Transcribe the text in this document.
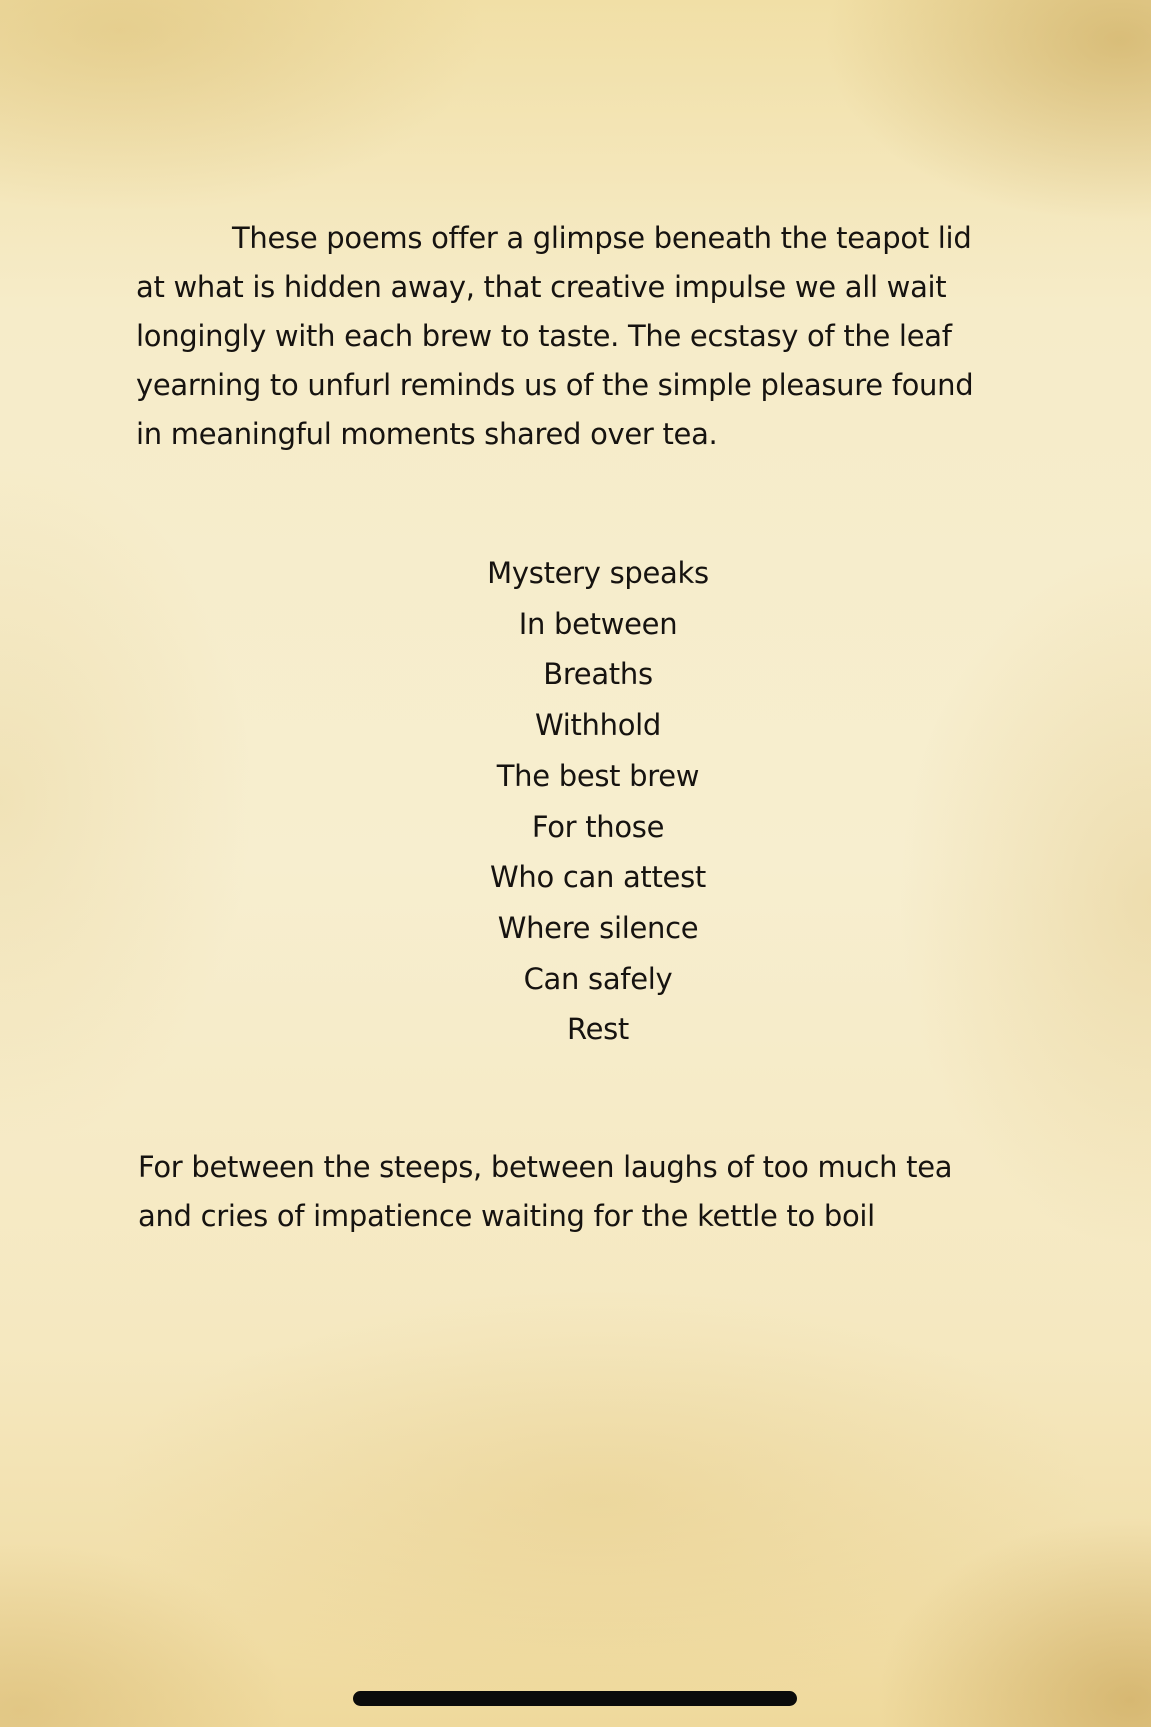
These poems offer a glimpse beneath the teapot lid at what is hidden away, that creative impulse we all wait longingly with each brew to taste. The ecstasy of the leaf yearning to unfurl reminds us of the simple pleasure found in meaningful moments shared over tea.

Mystery speaks
In between
Breaths
Withhold
The best brew
For those
Who can attest
Where silence
Can safely
Rest

For between the steeps, between laughs of too much tea and cries of impatience waiting for the kettle to boil
